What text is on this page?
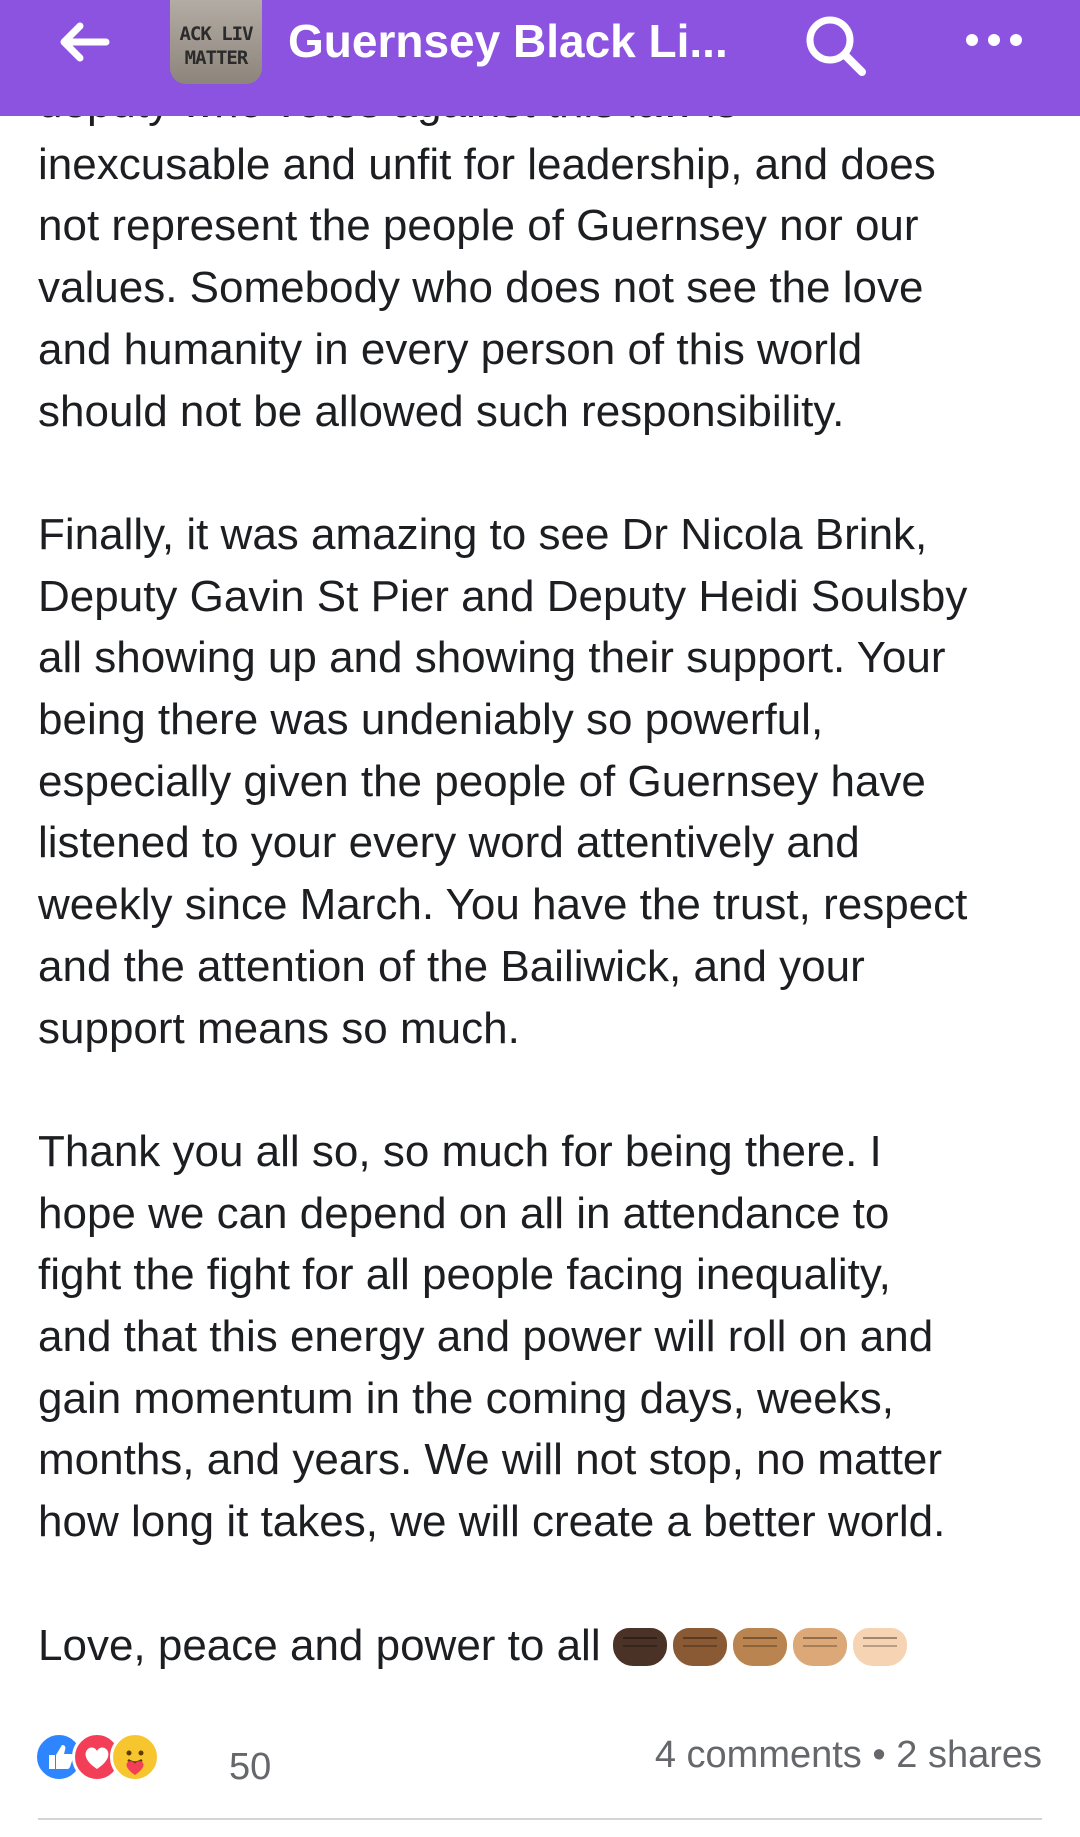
ACK LIV MATTER Guernsey Black Li...

inexcusable and unfit for leadership, and does

not represent the people of Guernsey nor our

values. Somebody who does not see the love

and humanity in every person of this world

should not be allowed such responsibility.

Finally, it was amazing to see Dr Nicola Brink,

Deputy Gavin St Pier and Deputy Heidi Soulsby

all showing up and showing their support. Your

being there was undeniably so powerful,

especially given the people of Guernsey have

listened to your every word attentively and

weekly since March. You have the trust, respect

and the attention of the Bailiwick, and your

support means so much.

Thank you all so, so much for being there. I

hope we can depend on all in attendance to

fight the fight for all people facing inequality,

and that this energy and power will roll on and

gain momentum in the coming days, weeks,

months, and years. We will not stop, no matter

how long it takes, we will create a better world.

Love, peace and power to all

50	4 comments • 2 shares
